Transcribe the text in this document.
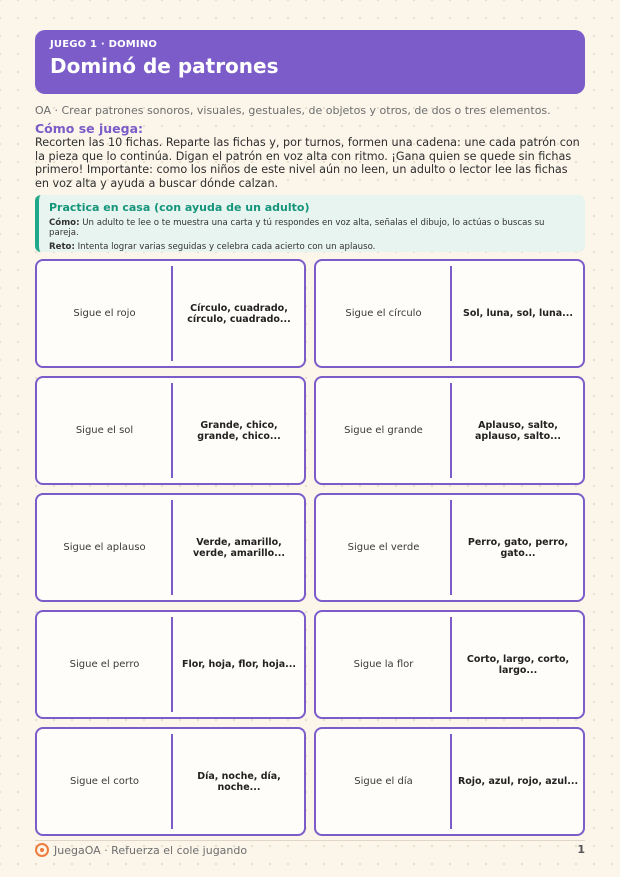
JUEGO 1 · DOMINO
Dominó de patrones
OA · Crear patrones sonoros, visuales, gestuales, de objetos y otros, de dos o tres elementos.
Cómo se juega:
Recorten las 10 fichas. Reparte las fichas y, por turnos, formen una cadena: une cada patrón con la pieza que lo continúa. Digan el patrón en voz alta con ritmo. ¡Gana quien se quede sin fichas primero! Importante: como los niños de este nivel aún no leen, un adulto o lector lee las fichas en voz alta y ayuda a buscar dónde calzan.
Practica en casa (con ayuda de un adulto)
Cómo: Un adulto te lee o te muestra una carta y tú respondes en voz alta, señalas el dibujo, lo actúas o buscas su pareja.
Reto: Intenta lograr varias seguidas y celebra cada acierto con un aplauso.
Sigue el rojo	Círculo, cuadrado, círculo, cuadrado...	Sigue el círculo	Sol, luna, sol, luna...
Sigue el sol	Grande, chico, grande, chico...	Sigue el grande	Aplauso, salto, aplauso, salto...
Sigue el aplauso	Verde, amarillo, verde, amarillo...	Sigue el verde	Perro, gato, perro, gato...
Sigue el perro	Flor, hoja, flor, hoja...	Sigue la flor	Corto, largo, corto, largo...
Sigue el corto	Día, noche, día, noche...	Sigue el día	Rojo, azul, rojo, azul...
JuegaOA · Refuerza el cole jugando	1
